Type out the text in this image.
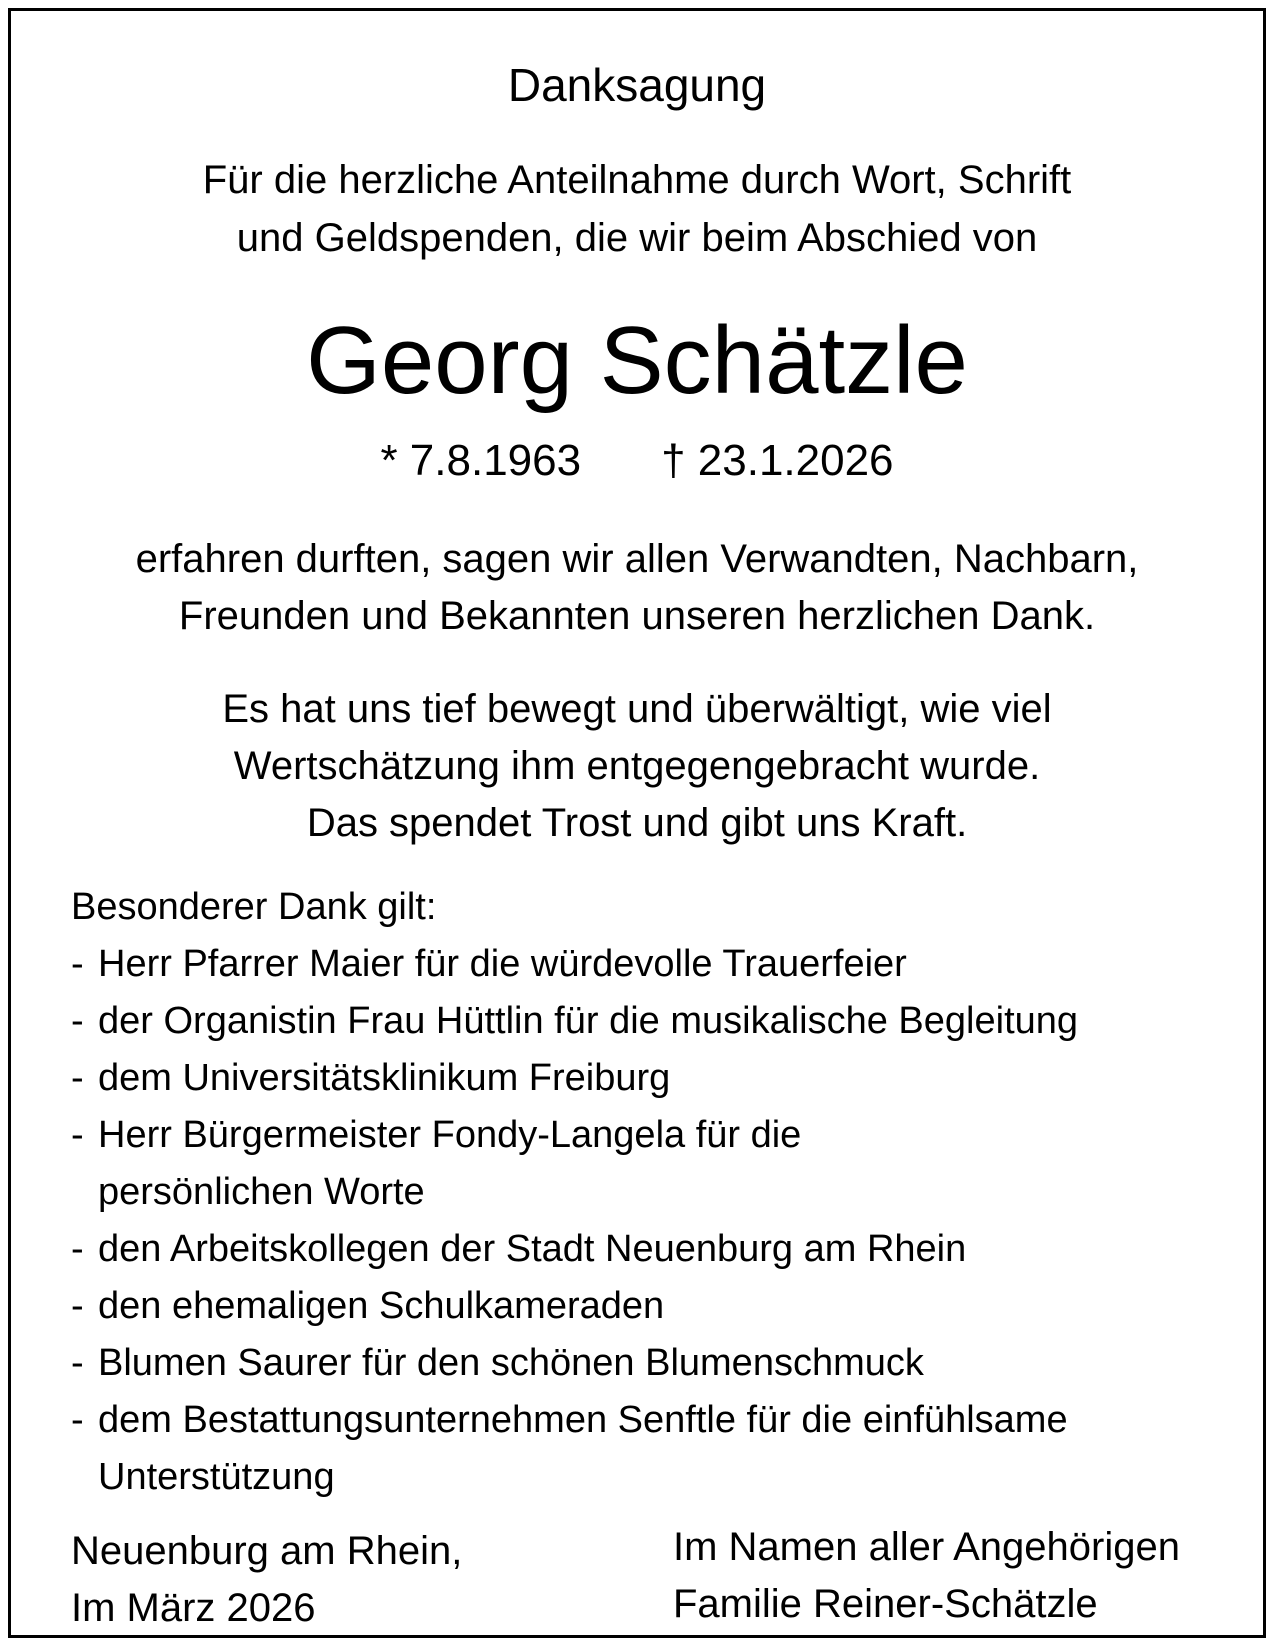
Danksagung
Für die herzliche Anteilnahme durch Wort, Schrift
und Geldspenden, die wir beim Abschied von
Georg Schätzle
* 7.8.1963 † 23.1.2026
erfahren durften, sagen wir allen Verwandten, Nachbarn,
Freunden und Bekannten unseren herzlichen Dank.
Es hat uns tief bewegt und überwältigt, wie viel
Wertschätzung ihm entgegengebracht wurde.
Das spendet Trost und gibt uns Kraft.

Besonderer Dank gilt:

- Herr Pfarrer Maier für die würdevolle Trauerfeier
- der Organistin Frau Hüttlin für die musikalische Begleitung
- dem Universitätsklinikum Freiburg
- Herr Bürgermeister Fondy-Langela für die
persönlichen Worte
- den Arbeitskollegen der Stadt Neuenburg am Rhein
- den ehemaligen Schulkameraden
- Blumen Saurer für den schönen Blumenschmuck
- dem Bestattungsunternehmen Senftle für die einfühlsame
Unterstützung
Neuenburg am Rhein,
Im März 2026
Im Namen aller Angehörigen
Familie Reiner-Schätzle
